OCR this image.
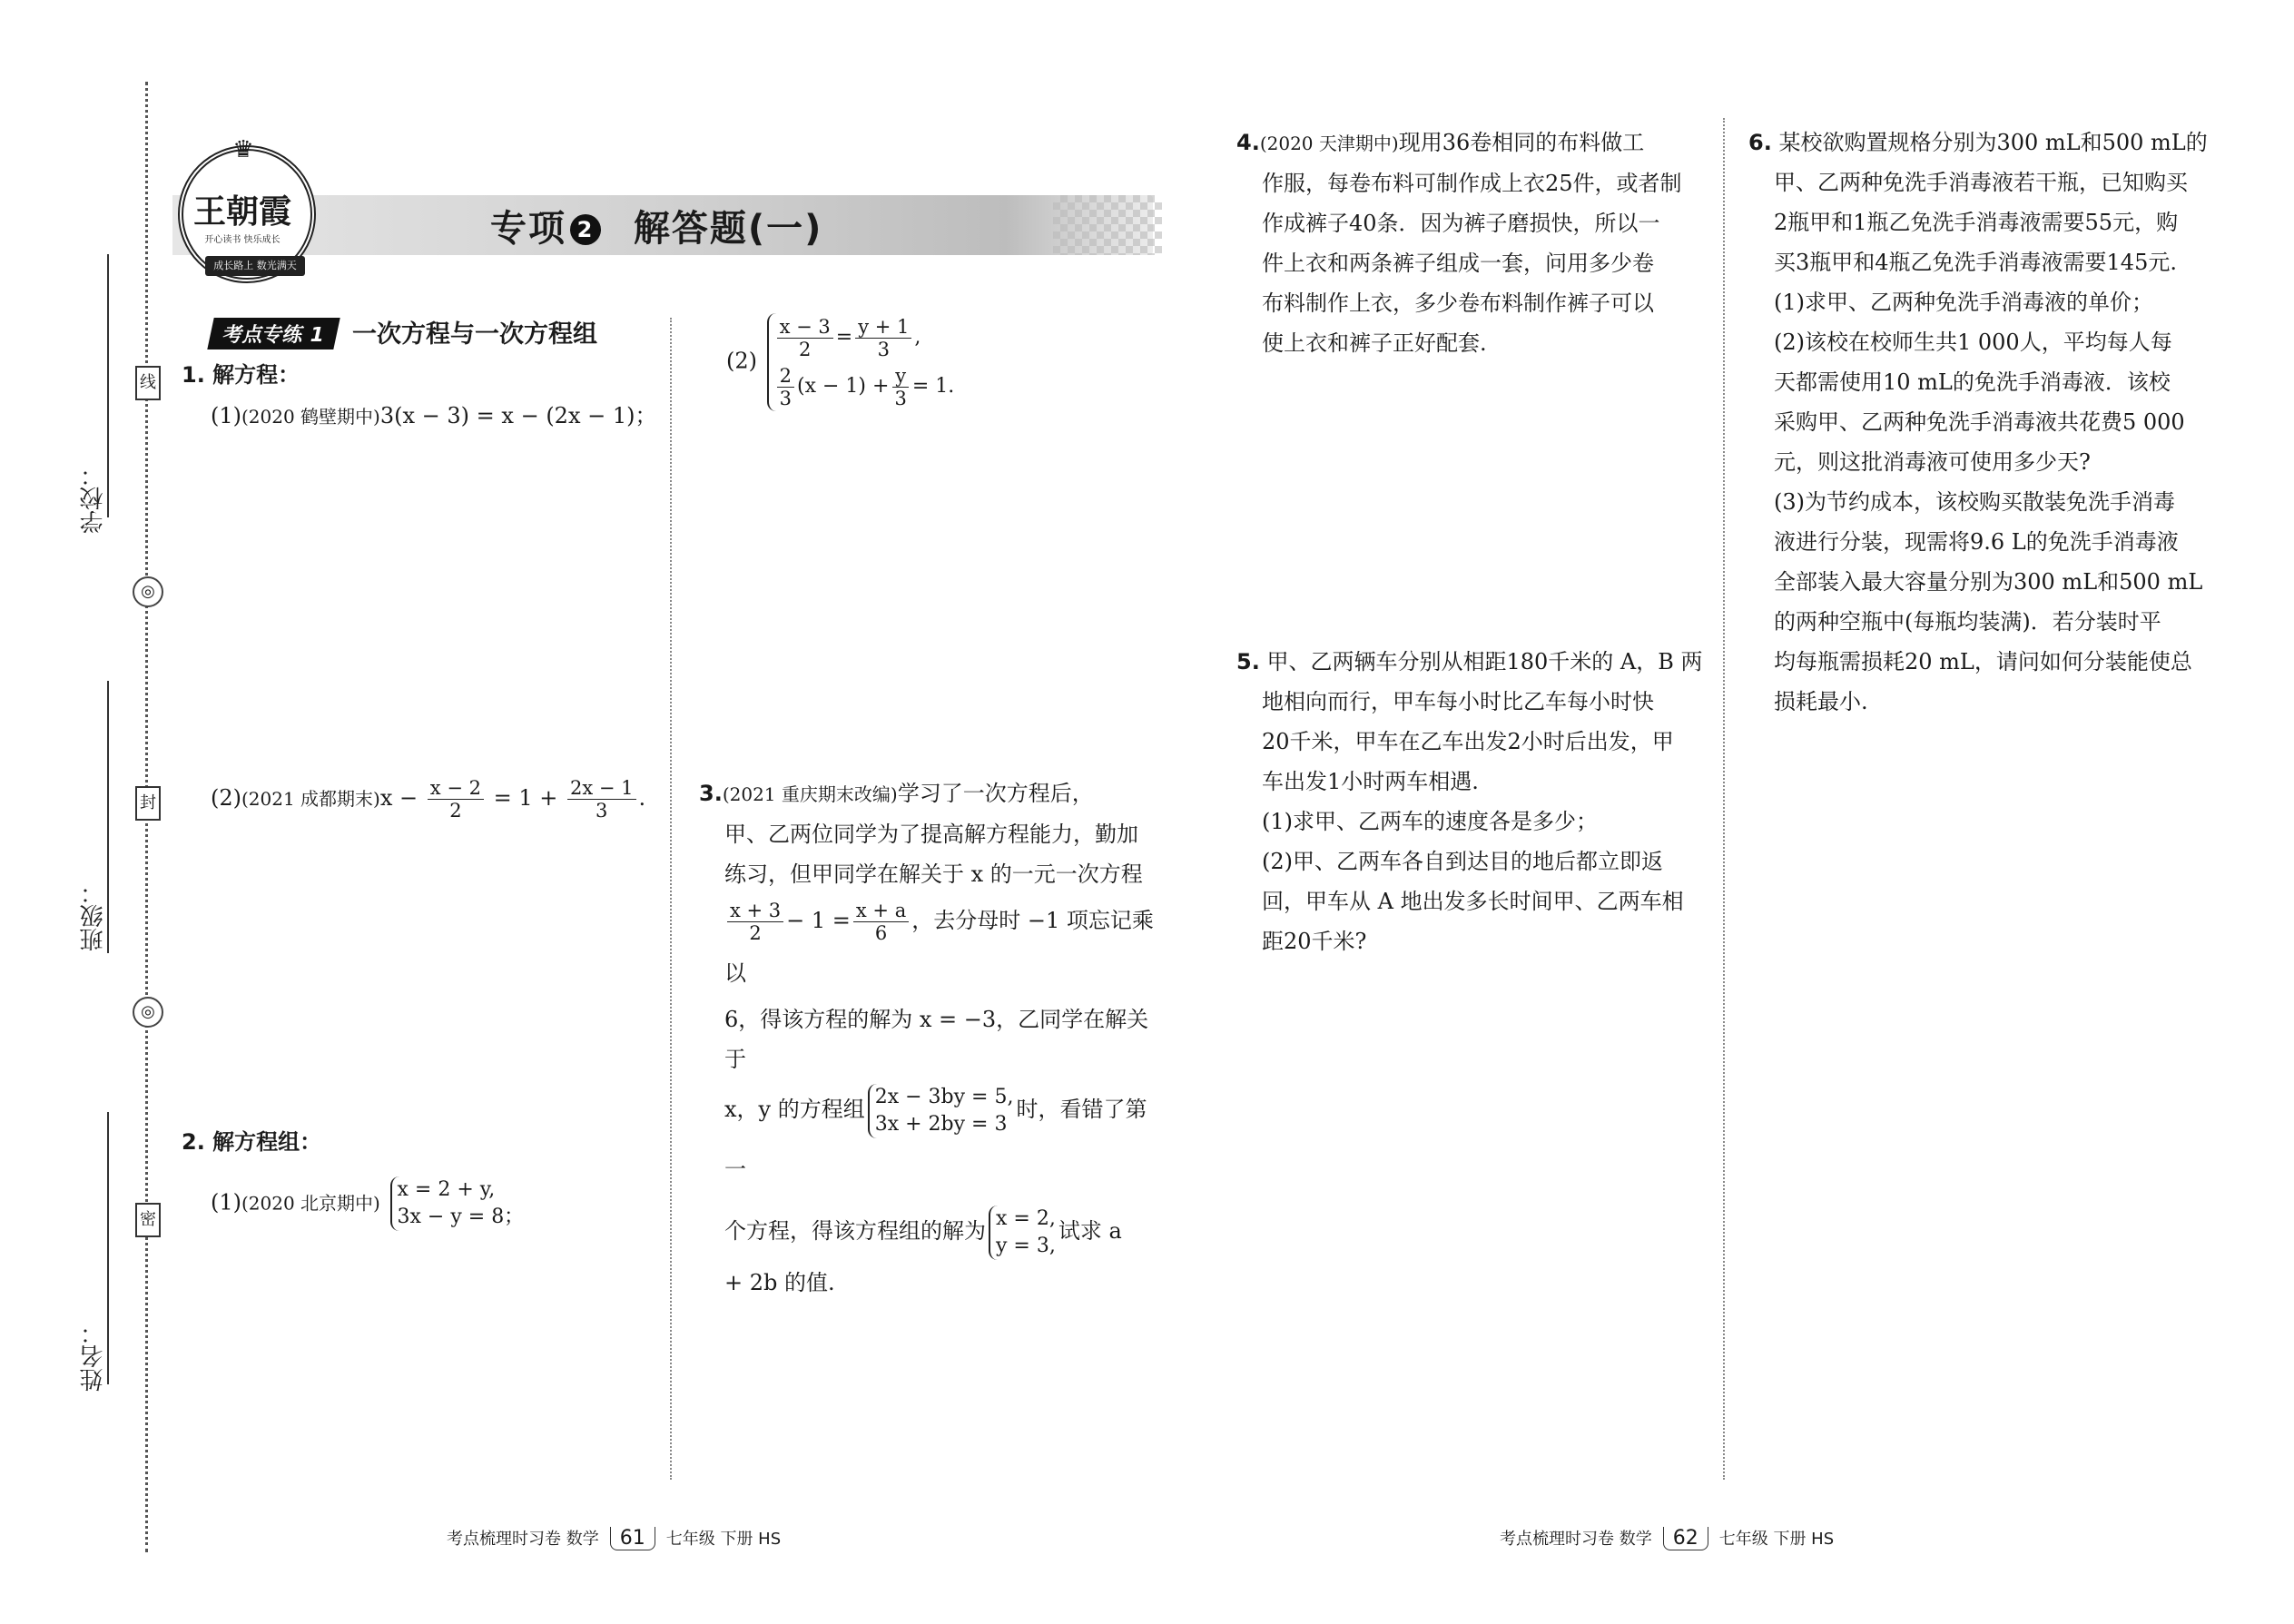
学校：
班级：
姓名：
线
◎
封
◎
密
♛
王朝霞
开心读书 快乐成长
成长路上 数光满天
专项 2 解答题(一)
考点专练 1	一次方程与一次方程组
1. 解方程：
(1)(2020 鹤壁期中)3(x − 3) = x − (2x − 1)；
(2)(2021 成都期末)$x - \frac{x - 2}{2} = 1 + \frac{2x - 1}{3}$ .
2. 解方程组：
(1)(2020 北京期中)
x = 2 + y,
3x − y = 8；
(2)
$\frac{x - 3}{2} = \frac{y + 1}{3}$ ,
$\frac{2}{3} (x - 1) + \frac{y}{3} = 1$.
3.(2021 重庆期末改编)学习了一次方程后，
甲、乙两位同学为了提高解方程能力，勤加
练习，但甲同学在解关于 x 的一元一次方程
$\frac{x + 3}{2} - 1 = \frac{x + a}{6}$ ，去分母时 −1 项忘记乘以
6，得该方程的解为 x = −3，乙同学在解关于
x，y 的方程组 2x − 3by = 5,
3x + 2by = 3
时，看错了第一
个方程，得该方程组的解为 x = 2,
y = 3,
试求 a
+ 2b 的值.
4.(2020 天津期中)现用36卷相同的布料做工
作服，每卷布料可制作成上衣25件，或者制
作成裤子40条．因为裤子磨损快，所以一
件上衣和两条裤子组成一套，问用多少卷
布料制作上衣，多少卷布料制作裤子可以
使上衣和裤子正好配套.
5. 甲、乙两辆车分别从相距180千米的 A，B 两
地相向而行，甲车每小时比乙车每小时快
20千米，甲车在乙车出发2小时后出发，甲
车出发1小时两车相遇.
(1)求甲、乙两车的速度各是多少；
(2)甲、乙两车各自到达目的地后都立即返
回，甲车从 A 地出发多长时间甲、乙两车相
距20千米?
6. 某校欲购置规格分别为300 mL和500 mL的
甲、乙两种免洗手消毒液若干瓶，已知购买
2瓶甲和1瓶乙免洗手消毒液需要55元，购
买3瓶甲和4瓶乙免洗手消毒液需要145元.
(1)求甲、乙两种免洗手消毒液的单价；
(2)该校在校师生共1 000人，平均每人每
天都需使用10 mL的免洗手消毒液．该校
采购甲、乙两种免洗手消毒液共花费5 000
元，则这批消毒液可使用多少天?
(3)为节约成本，该校购买散装免洗手消毒
液进行分装，现需将9.6 L的免洗手消毒液
全部装入最大容量分别为300 mL和500 mL
的两种空瓶中(每瓶均装满)．若分装时平
均每瓶需损耗20 mL，请问如何分装能使总
损耗最小.
考点梳理时习卷 数学 61 七年级 下册 HS	考点梳理时习卷 数学 62 七年级 下册 HS
